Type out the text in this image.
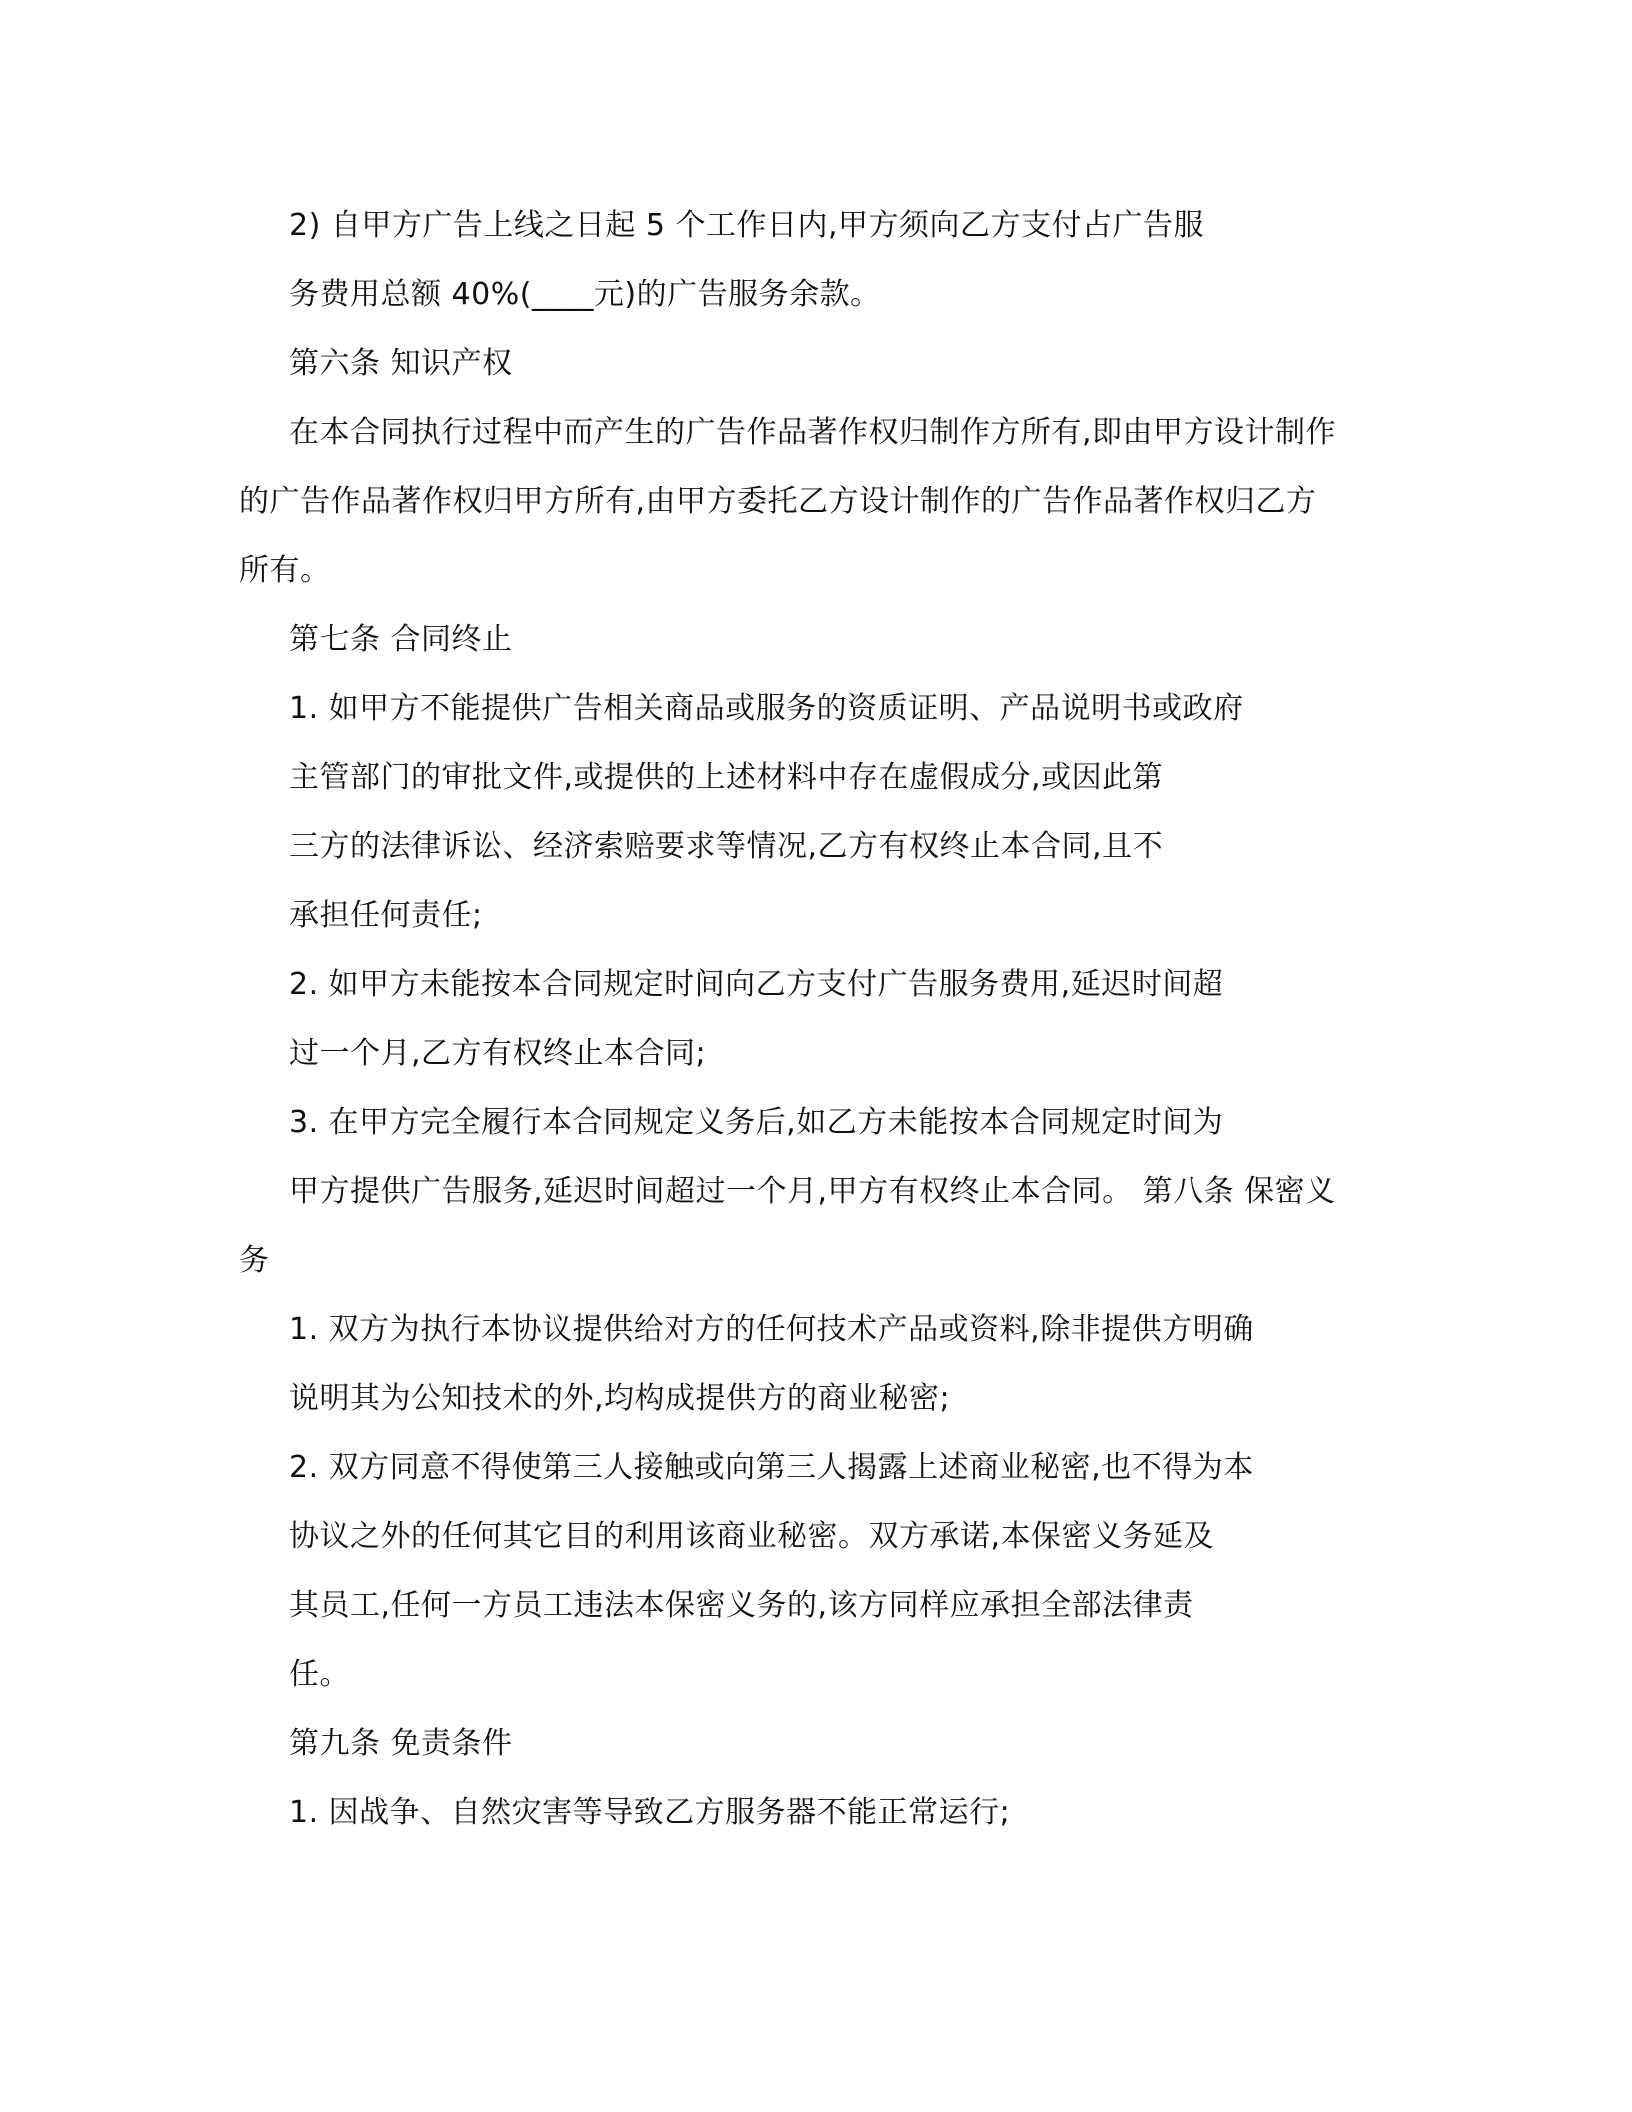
2) 自甲方广告上线之日起 5 个工作日内,甲方须向乙方支付占广告服
务费用总额 40%(____元)的广告服务余款。
第六条 知识产权
在本合同执行过程中而产生的广告作品著作权归制作方所有,即由甲方设计制作
的广告作品著作权归甲方所有,由甲方委托乙方设计制作的广告作品著作权归乙方
所有。
第七条 合同终止
1. 如甲方不能提供广告相关商品或服务的资质证明、产品说明书或政府
主管部门的审批文件,或提供的上述材料中存在虚假成分,或因此第
三方的法律诉讼、经济索赔要求等情况,乙方有权终止本合同,且不
承担任何责任;
2. 如甲方未能按本合同规定时间向乙方支付广告服务费用,延迟时间超
过一个月,乙方有权终止本合同;
3. 在甲方完全履行本合同规定义务后,如乙方未能按本合同规定时间为
甲方提供广告服务,延迟时间超过一个月,甲方有权终止本合同。 第八条 保密义
务
1. 双方为执行本协议提供给对方的任何技术产品或资料,除非提供方明确
说明其为公知技术的外,均构成提供方的商业秘密;
2. 双方同意不得使第三人接触或向第三人揭露上述商业秘密,也不得为本
协议之外的任何其它目的利用该商业秘密。双方承诺,本保密义务延及
其员工,任何一方员工违法本保密义务的,该方同样应承担全部法律责
任。
第九条 免责条件
1. 因战争、自然灾害等导致乙方服务器不能正常运行;
